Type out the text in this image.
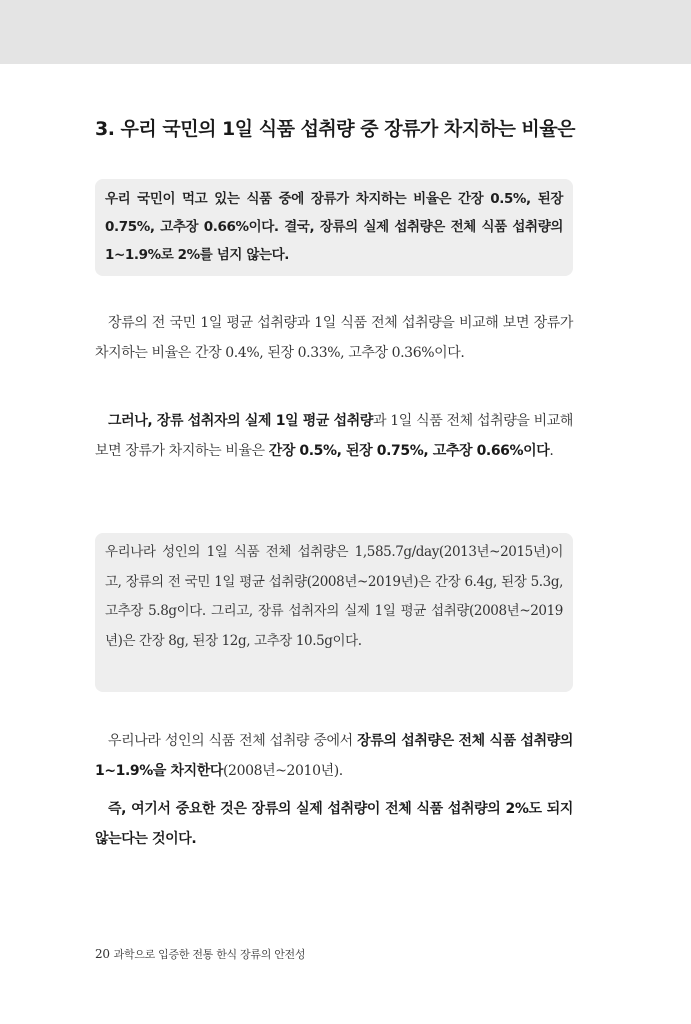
3. 우리 국민의 1일 식품 섭취량 중 장류가 차지하는 비율은

우리 국민이 먹고 있는 식품 중에 장류가 차지하는 비율은 간장 0.5%, 된장 0.75%, 고추장 0.66%이다. 결국, 장류의 실제 섭취량은 전체 식품 섭취량의 1~1.9%로 2%를 넘지 않는다.

장류의 전 국민 1일 평균 섭취량과 1일 식품 전체 섭취량을 비교해 보면 장류가 차지하는 비율은 간장 0.4%, 된장 0.33%, 고추장 0.36%이다.

그러나, 장류 섭취자의 실제 1일 평균 섭취량과 1일 식품 전체 섭취량을 비교해 보면 장류가 차지하는 비율은 간장 0.5%, 된장 0.75%, 고추장 0.66%이다.

우리나라 성인의 1일 식품 전체 섭취량은 1,585.7g/day(2013년~2015년)이고, 장류의 전 국민 1일 평균 섭취량(2008년~2019년)은 간장 6.4g, 된장 5.3g, 고추장 5.8g이다. 그리고, 장류 섭취자의 실제 1일 평균 섭취량(2008년~2019년)은 간장 8g, 된장 12g, 고추장 10.5g이다.

우리나라 성인의 식품 전체 섭취량 중에서 장류의 섭취량은 전체 식품 섭취량의 1~1.9%을 차지한다(2008년~2010년).

즉, 여기서 중요한 것은 장류의 실제 섭취량이 전체 식품 섭취량의 2%도 되지 않는다는 것이다.

20 과학으로 입증한 전통 한식 장류의 안전성
